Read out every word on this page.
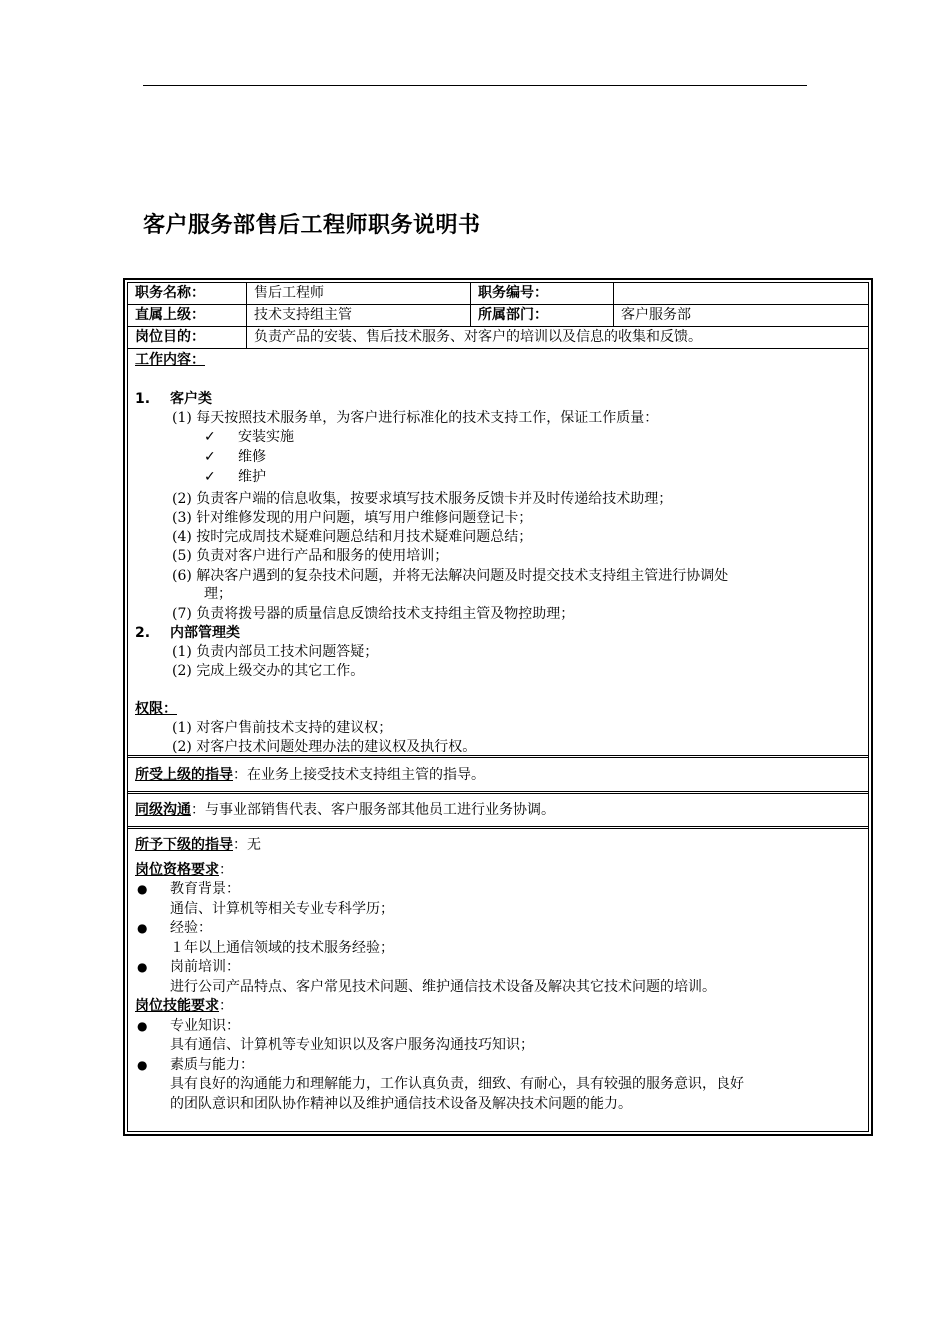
客户服务部售后工程师职务说明书
职务名称：	售后工程师	职务编号：
直属上级：	技术支持组主管	所属部门：	客户服务部
岗位目的：	负责产品的安装、售后技术服务、对客户的培训以及信息的收集和反馈。
工作内容：
1. 客户类
(1) 每天按照技术服务单，为客户进行标准化的技术支持工作，保证工作质量：
✓ 安装实施
✓ 维修
✓ 维护
(2) 负责客户端的信息收集，按要求填写技术服务反馈卡并及时传递给技术助理；
(3) 针对维修发现的用户问题，填写用户维修问题登记卡；
(4) 按时完成周技术疑难问题总结和月技术疑难问题总结；
(5) 负责对客户进行产品和服务的使用培训；
(6) 解决客户遇到的复杂技术问题，并将无法解决问题及时提交技术支持组主管进行协调处
理；
(7) 负责将拨号器的质量信息反馈给技术支持组主管及物控助理；
2. 内部管理类
(1) 负责内部员工技术问题答疑；
(2) 完成上级交办的其它工作。
权限：
(1) 对客户售前技术支持的建议权；
(2) 对客户技术问题处理办法的建议权及执行权。
所受上级的指导：在业务上接受技术支持组主管的指导。
同级沟通：与事业部销售代表、客户服务部其他员工进行业务协调。
所予下级的指导：无
岗位资格要求：
● 教育背景：
通信、计算机等相关专业专科学历；
● 经验：
１年以上通信领域的技术服务经验；
● 岗前培训：
进行公司产品特点、客户常见技术问题、维护通信技术设备及解决其它技术问题的培训。
岗位技能要求：
● 专业知识：
具有通信、计算机等专业知识以及客户服务沟通技巧知识；
● 素质与能力：
具有良好的沟通能力和理解能力，工作认真负责，细致、有耐心，具有较强的服务意识，良好
的团队意识和团队协作精神以及维护通信技术设备及解决技术问题的能力。
